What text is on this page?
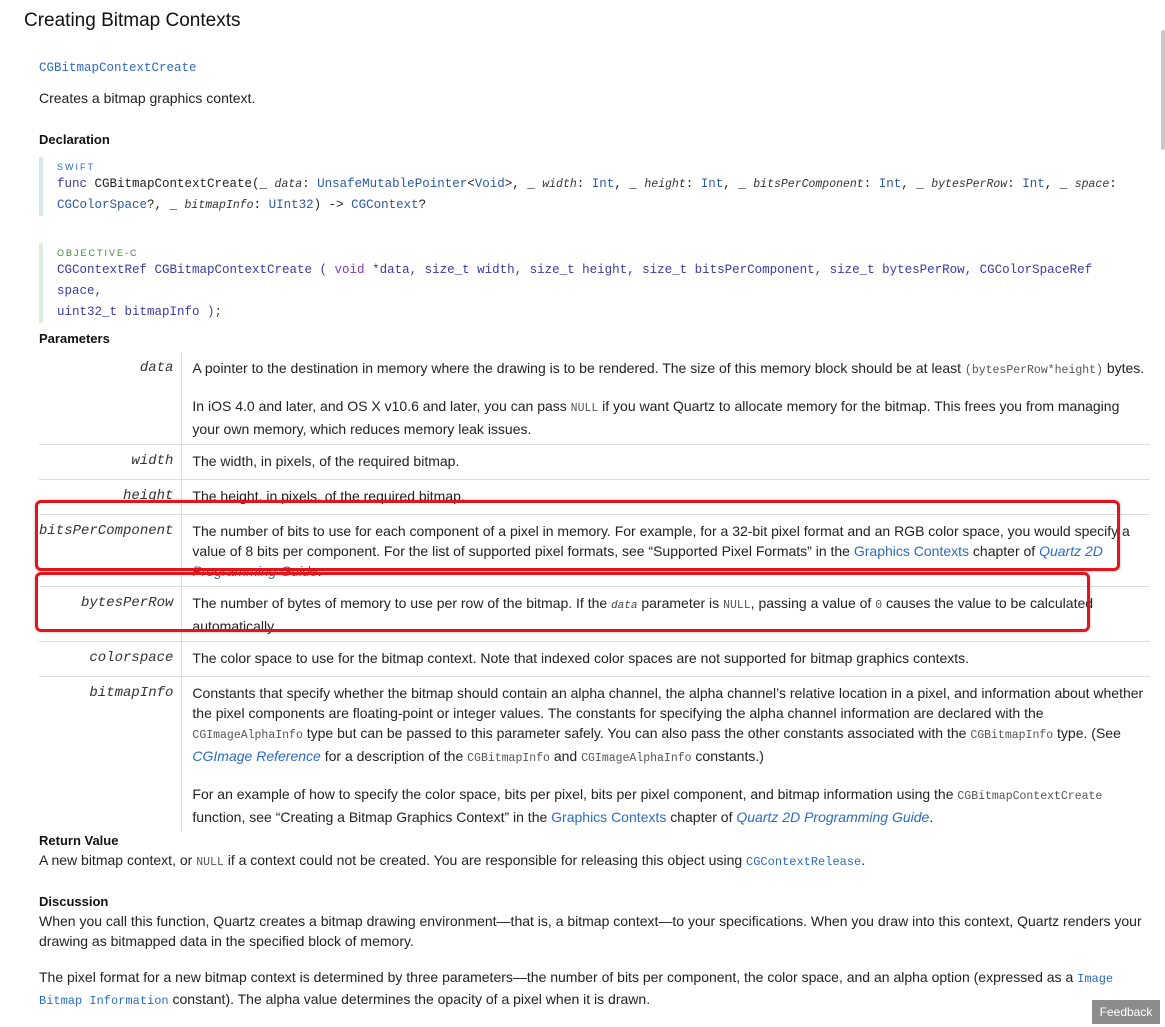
Creating Bitmap Contexts
CGBitmapContextCreate
Creates a bitmap graphics context.
Declaration
SWIFT
func CGBitmapContextCreate(_ data: UnsafeMutablePointer<Void>, _ width: Int, _ height: Int, _ bitsPerComponent: Int, _ bytesPerRow: Int, _ space:
CGColorSpace?, _ bitmapInfo: UInt32) -> CGContext?
OBJECTIVE-C
CGContextRef CGBitmapContextCreate ( void *data, size_t width, size_t height, size_t bitsPerComponent, size_t bytesPerRow, CGColorSpaceRef space,
uint32_t bitmapInfo );
Parameters
data	A pointer to the destination in memory where the drawing is to be rendered. The size of this memory block should be at least (bytesPerRow*height) bytes.

In iOS 4.0 and later, and OS X v10.6 and later, you can pass NULL if you want Quartz to allocate memory for the bitmap. This frees you from managing your own memory, which reduces memory leak issues.

width	The width, in pixels, of the required bitmap.

height	The height, in pixels, of the required bitmap.

bitsPerComponent	The number of bits to use for each component of a pixel in memory. For example, for a 32-bit pixel format and an RGB color space, you would specify a value of 8 bits per component. For the list of supported pixel formats, see “Supported Pixel Formats” in the Graphics Contexts chapter of Quartz 2D Programming Guide.

bytesPerRow	The number of bytes of memory to use per row of the bitmap. If the data parameter is NULL, passing a value of 0 causes the value to be calculated automatically.

colorspace	The color space to use for the bitmap context. Note that indexed color spaces are not supported for bitmap graphics contexts.

bitmapInfo	Constants that specify whether the bitmap should contain an alpha channel, the alpha channel’s relative location in a pixel, and information about whether the pixel components are floating-point or integer values. The constants for specifying the alpha channel information are declared with the CGImageAlphaInfo type but can be passed to this parameter safely. You can also pass the other constants associated with the CGBitmapInfo type. (See CGImage Reference for a description of the CGBitmapInfo and CGImageAlphaInfo constants.)

For an example of how to specify the color space, bits per pixel, bits per pixel component, and bitmap information using the CGBitmapContextCreate function, see “Creating a Bitmap Graphics Context” in the Graphics Contexts chapter of Quartz 2D Programming Guide.

Return Value

A new bitmap context, or NULL if a context could not be created. You are responsible for releasing this object using CGContextRelease.

Discussion

When you call this function, Quartz creates a bitmap drawing environment—that is, a bitmap context—to your specifications. When you draw into this context, Quartz renders your drawing as bitmapped data in the specified block of memory.

The pixel format for a new bitmap context is determined by three parameters—the number of bits per component, the color space, and an alpha option (expressed as a Image Bitmap Information constant). The alpha value determines the opacity of a pixel when it is drawn.

Feedback
